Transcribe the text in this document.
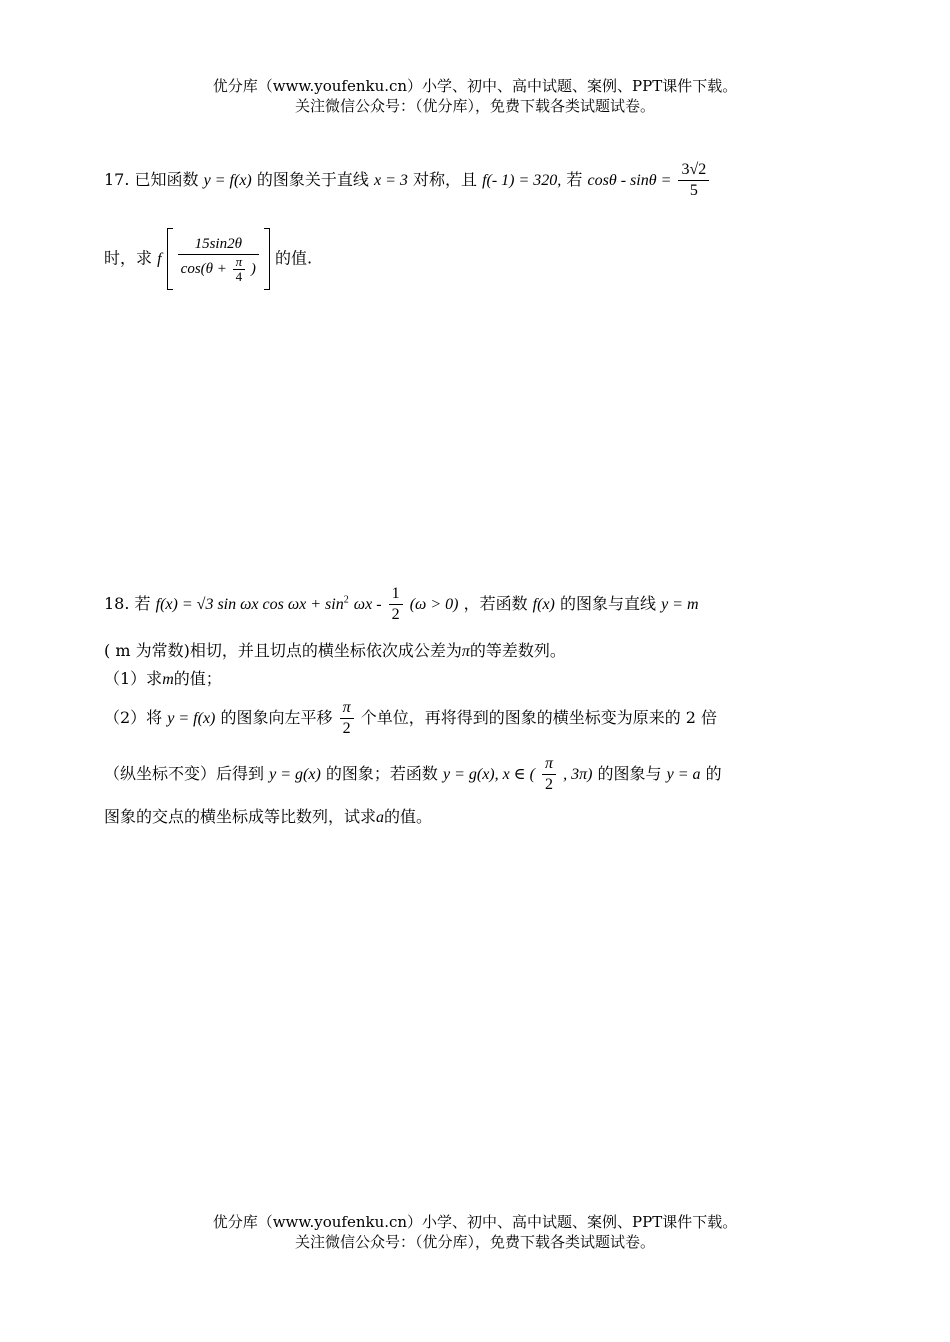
优分库（www.youfenku.cn）小学、初中、高中试题、案例、PPT课件下载。
关注微信公众号：（优分库），免费下载各类试题试卷。
17. 已知函数 y = f(x) 的图象关于直线 x = 3 对称，且 f(- 1) = 320, 若 $\cos\theta - \sin\theta = \frac{3√2}{5}$
时，求 f $\frac{15\sin 2\theta}{\cos(\theta + \frac{\pi}{4} )}$ 的值.
18. 若 f(x) = √3 sin ωx $\cos \omega x + \sin^2 \omega x - \frac{1}{2} (\omega > 0)$ ，若函数 f(x) 的图象与直线 y = m
( m 为常数)相切，并且切点的横坐标依次成公差为π的等差数列。
（1）求m的值；
（2）将 y = f(x) 的图象向左平移 $\frac{\pi}{2}$ 个单位，再将得到的图象的横坐标变为原来的 2 倍
（纵坐标不变）后得到 y = g(x) 的图象；若函数 y = g(x), x ∈ ( $\frac{\pi}{2}$ , 3π) 的图象与 y = a 的
图象的交点的横坐标成等比数列，试求a的值。
优分库（www.youfenku.cn）小学、初中、高中试题、案例、PPT课件下载。
关注微信公众号：（优分库），免费下载各类试题试卷。
